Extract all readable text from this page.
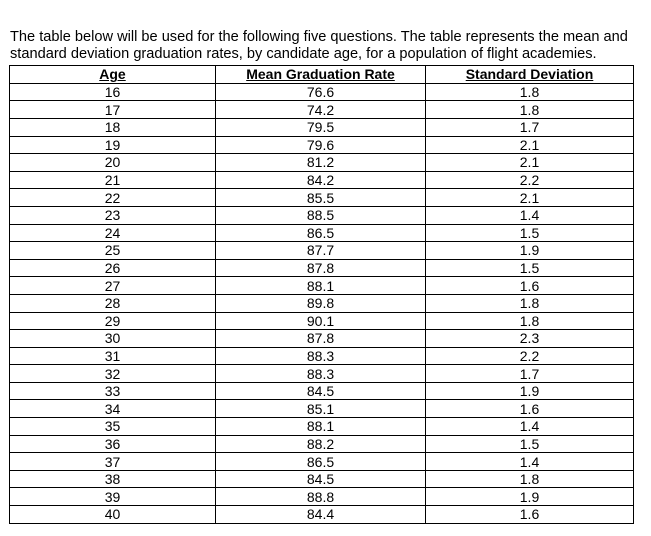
The table below will be used for the following five questions. The table represents the mean and standard deviation graduation rates, by candidate age, for a population of flight academies.

Age	Mean Graduation Rate	Standard Deviation
16	76.6	1.8
17	74.2	1.8
18	79.5	1.7
19	79.6	2.1
20	81.2	2.1
21	84.2	2.2
22	85.5	2.1
23	88.5	1.4
24	86.5	1.5
25	87.7	1.9
26	87.8	1.5
27	88.1	1.6
28	89.8	1.8
29	90.1	1.8
30	87.8	2.3
31	88.3	2.2
32	88.3	1.7
33	84.5	1.9
34	85.1	1.6
35	88.1	1.4
36	88.2	1.5
37	86.5	1.4
38	84.5	1.8
39	88.8	1.9
40	84.4	1.6
